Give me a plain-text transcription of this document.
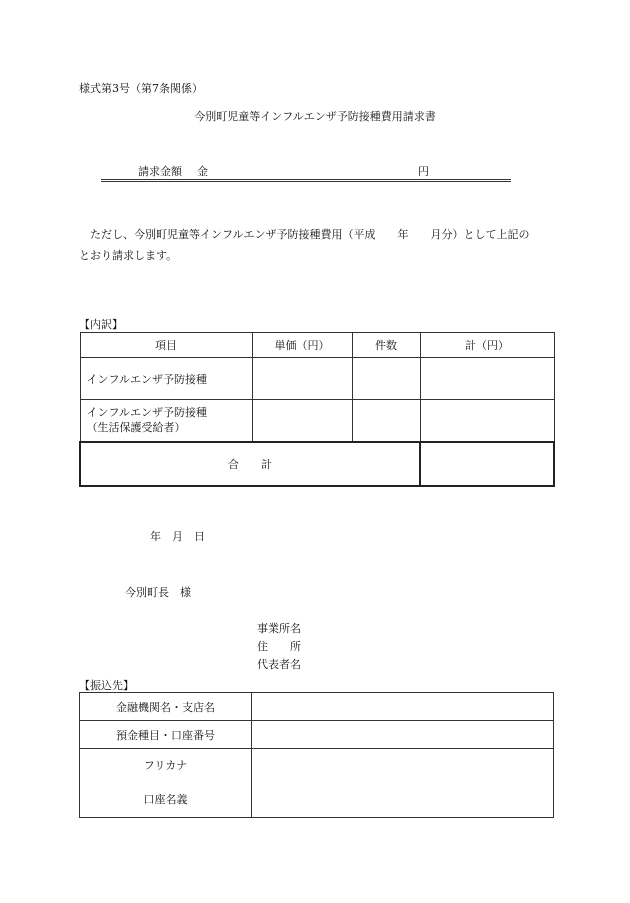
様式第3号（第7条関係）
今別町児童等インフルエンザ予防接種費用請求書
請求金額 金	円
　ただし、今別町児童等インフルエンザ予防接種費用（平成　　年　　月分）として上記の
とおり請求します。
【内訳】
項目	単価（円）	件数	計（円）
インフルエンザ予防接種			

インフルエンザ予防接種
（生活保護受給者）			

合　　計			
年　月　日
今別町長　様
事業所名
住　　所
代表者名
【振込先】
金融機関名・支店名	
預金種目・口座番号	

フリカナ
口座名義	
